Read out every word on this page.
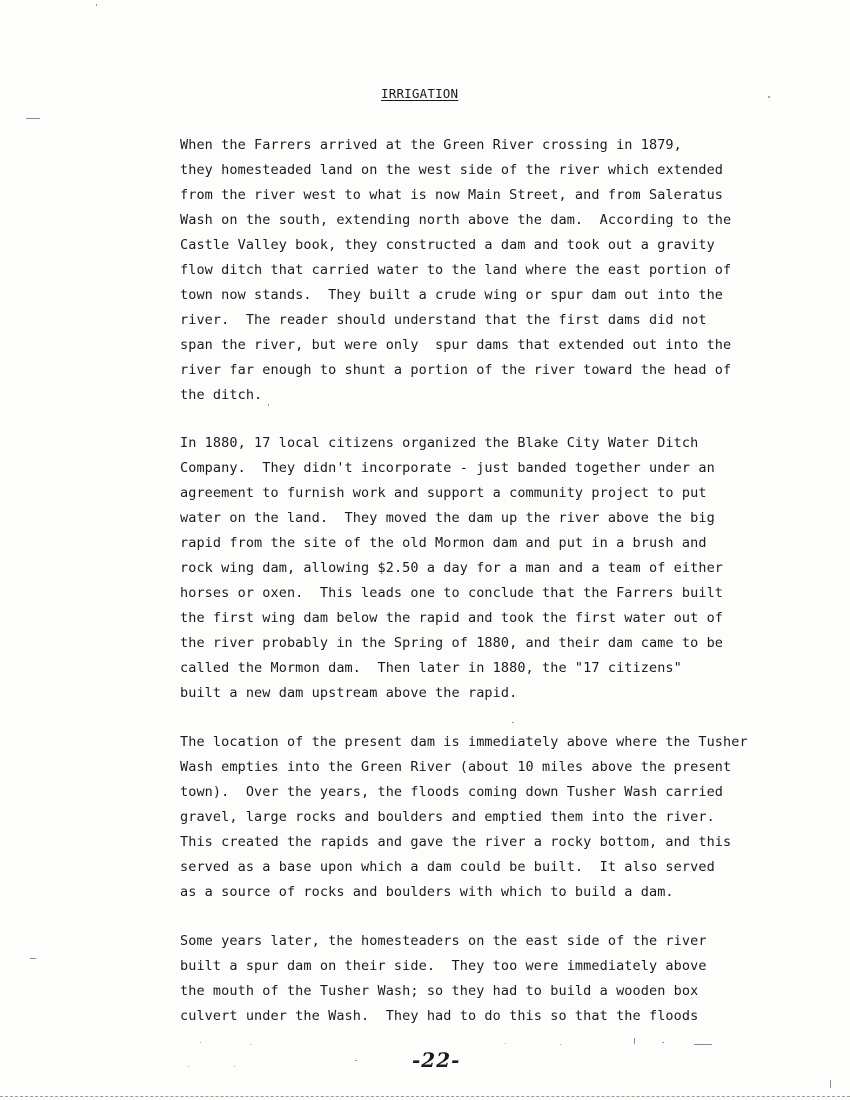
IRRIGATION
When the Farrers arrived at the Green River crossing in 1879,
they homesteaded land on the west side of the river which extended
from the river west to what is now Main Street, and from Saleratus
Wash on the south, extending north above the dam.  According to the
Castle Valley book, they constructed a dam and took out a gravity
flow ditch that carried water to the land where the east portion of
town now stands.  They built a crude wing or spur dam out into the
river.  The reader should understand that the first dams did not
span the river, but were only  spur dams that extended out into the
river far enough to shunt a portion of the river toward the head of
the ditch.
In 1880, 17 local citizens organized the Blake City Water Ditch
Company.  They didn't incorporate - just banded together under an
agreement to furnish work and support a community project to put
water on the land.  They moved the dam up the river above the big
rapid from the site of the old Mormon dam and put in a brush and
rock wing dam, allowing $2.50 a day for a man and a team of either
horses or oxen.  This leads one to conclude that the Farrers built
the first wing dam below the rapid and took the first water out of
the river probably in the Spring of 1880, and their dam came to be
called the Mormon dam.  Then later in 1880, the "17 citizens"
built a new dam upstream above the rapid.
The location of the present dam is immediately above where the Tusher
Wash empties into the Green River (about 10 miles above the present
town).  Over the years, the floods coming down Tusher Wash carried
gravel, large rocks and boulders and emptied them into the river.
This created the rapids and gave the river a rocky bottom, and this
served as a base upon which a dam could be built.  It also served
as a source of rocks and boulders with which to build a dam.
Some years later, the homesteaders on the east side of the river
built a spur dam on their side.  They too were immediately above
the mouth of the Tusher Wash; so they had to build a wooden box
culvert under the Wash.  They had to do this so that the floods
-22-
